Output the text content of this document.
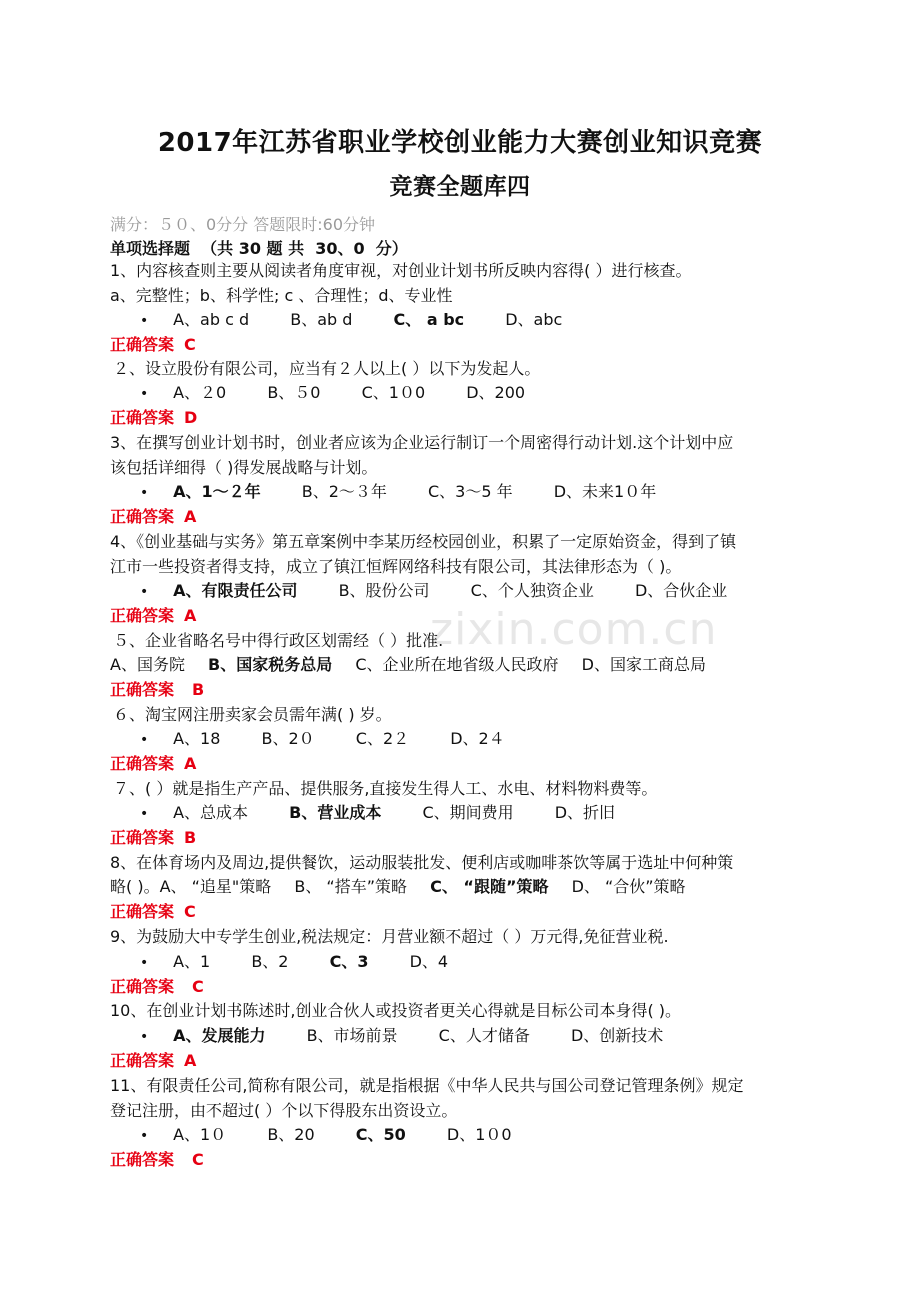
zixin.com.cn
2017年江苏省职业学校创业能力大赛创业知识竞赛
竞赛全题库四
满分：５０、0分分 答题限时:60分钟
单项选择题  （共 30 题 共  30、0  分）
1、内容核查则主要从阅读者角度审视，对创业计划书所反映内容得( ）进行核查。
a、完整性；b、科学性; c 、合理性；d、专业性
• A、ab c d	B、ab d	C、 a bc	D、abc
正确答案 C
２、设立股份有限公司，应当有２人以上( ）以下为发起人。
• A、２0	B、５0	C、1０0	D、200
正确答案 D
3、在撰写创业计划书时，创业者应该为企业运行制订一个周密得行动计划.这个计划中应
该包括详细得（ )得发展战略与计划。
• A、1～２年	B、2～３年	C、3～5 年	D、未来1０年
正确答案 A
4、《创业基础与实务》第五章案例中李某历经校园创业，积累了一定原始资金，得到了镇
江市一些投资者得支持，成立了镇江恒辉网络科技有限公司，其法律形态为（ )。
• A、有限责任公司	B、股份公司	C、个人独资企业	D、合伙企业
正确答案 A
５、企业省略名号中得行政区划需经（ ）批准.
A、国务院 B、国家税务总局 C、企业所在地省级人民政府 D、国家工商总局
正确答案 B
６、淘宝网注册卖家会员需年满( ) 岁。
• A、18	B、2０	C、2２	D、2４
正确答案 A
７、( ）就是指生产产品、提供服务,直接发生得人工、水电、材料物料费等。
• A、总成本	B、营业成本	C、期间费用	D、折旧
正确答案 B
8、在体育场内及周边,提供餐饮，运动服装批发、便利店或咖啡茶饮等属于选址中何种策
略( )。A、 “追星"策略 B、 “搭车”策略 C、 “跟随”策略 D、 “合伙”策略
正确答案 C
9、为鼓励大中专学生创业,税法规定：月营业额不超过（ ）万元得,免征营业税.
• A、1	B、2	C、3	D、4
正确答案 C
10、在创业计划书陈述时,创业合伙人或投资者更关心得就是目标公司本身得( )。
• A、发展能力	B、市场前景	C、人才储备	D、创新技术
正确答案 A
11、有限责任公司,简称有限公司，就是指根据《中华人民共与国公司登记管理条例》规定
登记注册，由不超过( ）个以下得股东出资设立。
• A、1０	B、20	C、50	D、1０0
正确答案 C
